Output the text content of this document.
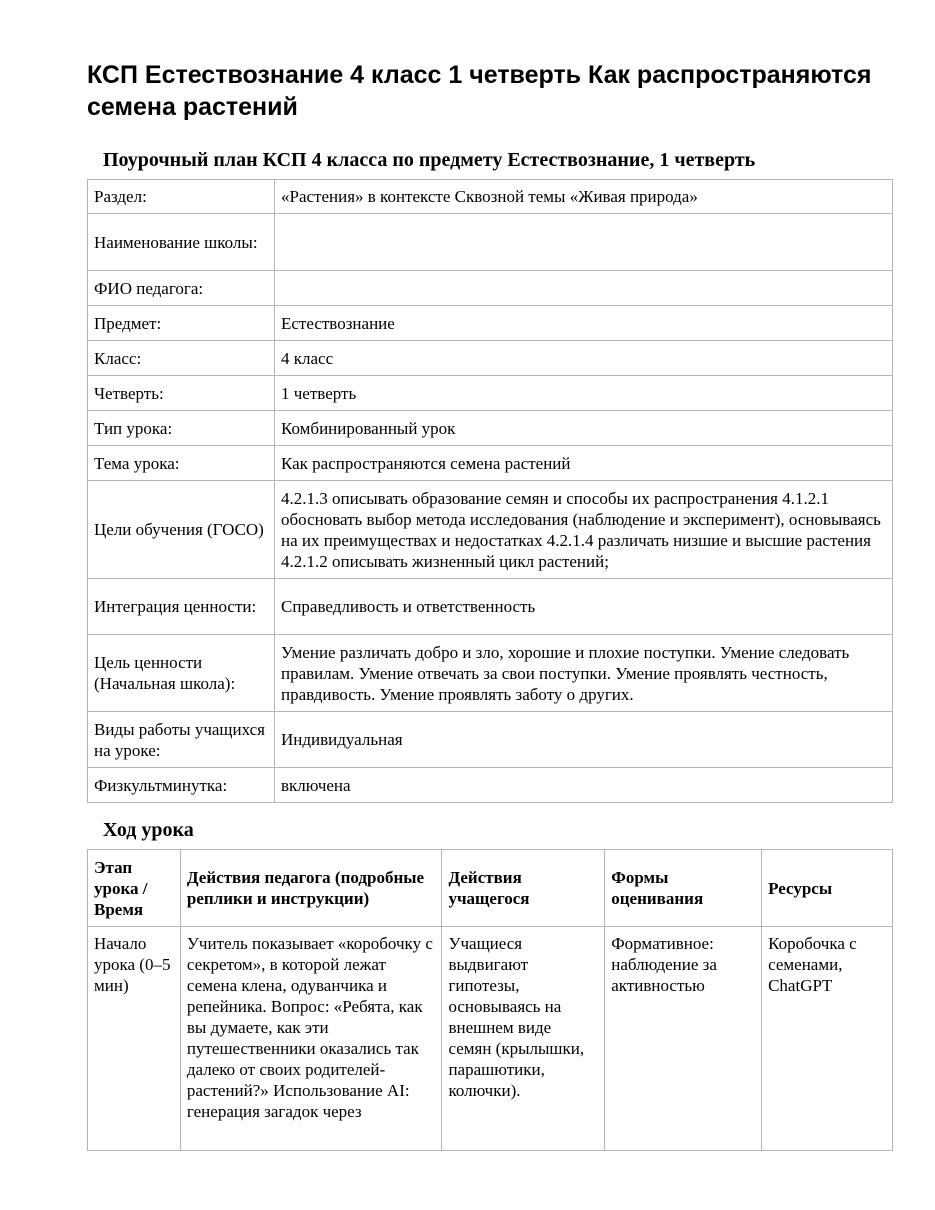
КСП Естествознание 4 класс 1 четверть Как распространяются семена растений
Поурочный план КСП 4 класса по предмету Естествознание, 1 четверть
Раздел:	«Растения» в контексте Сквозной темы «Живая природа»
Наименование школы:	
ФИО педагога:	
Предмет:	Естествознание
Класс:	4 класс
Четверть:	1 четверть
Тип урока:	Комбинированный урок
Тема урока:	Как распространяются семена растений
Цели обучения (ГОСО)	4.2.1.3 описывать образование семян и способы их распространения 4.1.2.1 обосновать выбор метода исследования (наблюдение и эксперимент), основываясь на их преимуществах и недостатках 4.2.1.4 различать низшие и высшие растения 4.2.1.2 описывать жизненный цикл растений;
Интеграция ценности:	Справедливость и ответственность
Цель ценности (Начальная школа):	Умение различать добро и зло, хорошие и плохие поступки. Умение следовать правилам. Умение отвечать за свои поступки. Умение проявлять честность, правдивость. Умение проявлять заботу о других.
Виды работы учащихся на уроке:	Индивидуальная
Физкультминутка:	включена
Ход урока
Этап урока / Время	Действия педагога (подробные реплики и инструкции)	Действия учащегося	Формы оценивания	Ресурсы
Начало урока (0–5 мин)	Учитель показывает «коробочку с секретом», в которой лежат семена клена, одуванчика и репейника. Вопрос: «Ребята, как вы думаете, как эти путешественники оказались так далеко от своих родителей-растений?» Использование AI: генерация загадок через	Учащиеся выдвигают гипотезы, основываясь на внешнем виде семян (крылышки, парашютики, колючки).	Формативное: наблюдение за активностью	Коробочка с семенами, ChatGPT
